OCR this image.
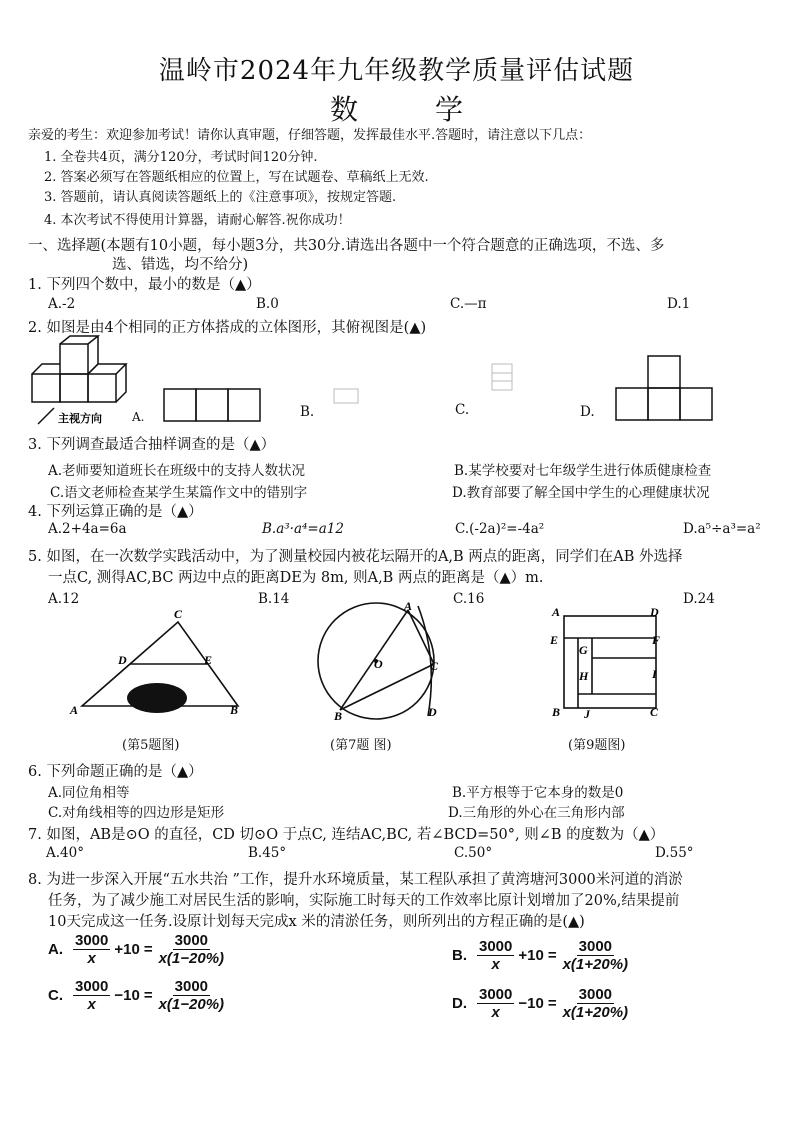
温岭市2024年九年级教学质量评估试题
数	学
亲爱的考生：欢迎参加考试！请你认真审题，仔细答题，发挥最佳水平.答题时，请注意以下几点：
1. 全卷共4页，满分120分，考试时间120分钟.
2. 答案必须写在答题纸相应的位置上，写在试题卷、草稿纸上无效.
3. 答题前，请认真阅读答题纸上的《注意事项》，按规定答题.
4. 本次考试不得使用计算器，请耐心解答.祝你成功！
一、选择题(本题有10小题，每小题3分，共30分.请选出各题中一个符合题意的正确选项，不选、多
选、错选，均不给分)
1. 下列四个数中，最小的数是（▲）
A.-2	B.0	C.—π	D.1
2. 如图是由4个相同的正方体搭成的立体图形，其俯视图是(▲)
主视方向	A.	B.	C.	D.
3. 下列调查最适合抽样调查的是（▲）
A.老师要知道班长在班级中的支持人数状况	B.某学校要对七年级学生进行体质健康检查
C.语文老师检查某学生某篇作文中的错别字	D.教育部要了解全国中学生的心理健康状况
4. 下列运算正确的是（▲）
A.2+4a=6a	B.a³·a⁴=a12	C.(-2a)²=-4a²	D.a⁵÷a³=a²
5. 如图，在一次数学实践活动中，为了测量校园内被花坛隔开的A,B 两点的距离，同学们在AB 外选择
一点C, 测得AC,BC 两边中点的距离DE为 8m, 则A,B 两点的距离是（▲）m.
A.12	B.14	C.16	D.24
C
D	E
A	B
(第5题图)
A
O	C
B	D
(第7题 图)
A	D
E	F
G
H	I
B J	C
(第9题图)
6. 下列命题正确的是（▲）
A.同位角相等	B.平方根等于它本身的数是0
C.对角线相等的四边形是矩形	D.三角形的外心在三角形内部
7. 如图，AB是⊙O 的直径，CD 切⊙O 于点C, 连结AC,BC, 若∠BCD=50°, 则∠B 的度数为（▲）
A.40°	B.45°	C.50°	D.55°
8. 为进一步深入开展“五水共治 ”工作，提升水环境质量，某工程队承担了黄湾塘河3000米河道的消淤
任务，为了减少施工对居民生活的影响，实际施工时每天的工作效率比原计划增加了20%,结果提前
10天完成这一任务.设原计划每天完成x 米的清淤任务，则所列出的方程正确的是(▲)
A. $\frac{3000}{x} +10 = \frac{3000}{x(1-20\%)}$	B. $\frac{3000}{x} +10 = \frac{3000}{x(1+20\%)}$
C. $\frac{3000}{x} -10 = \frac{3000}{x(1-20\%)}$	D. $\frac{3000}{x} -10 = \frac{3000}{x(1+20\%)}$
